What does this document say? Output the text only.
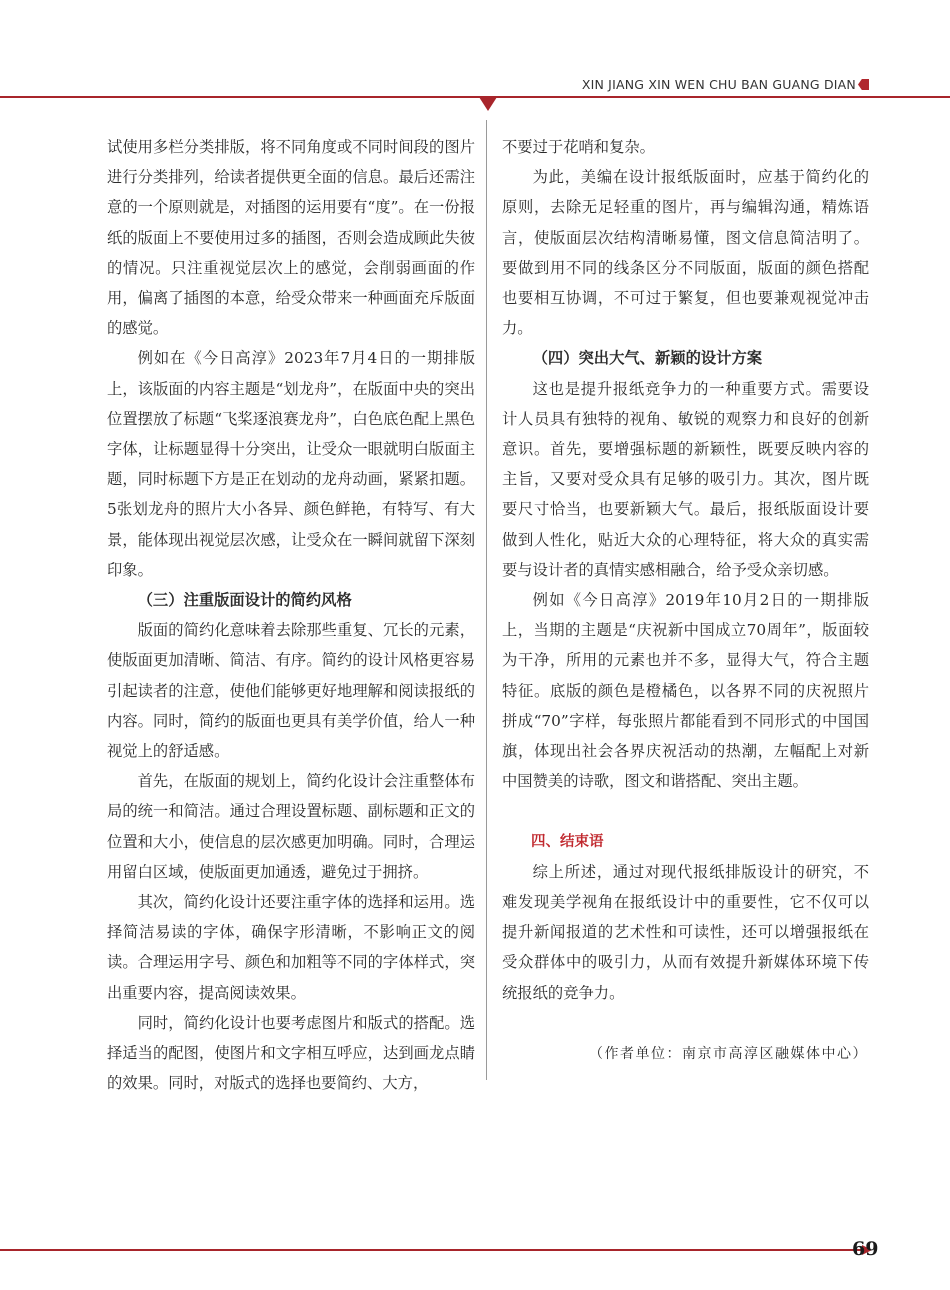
XIN JIANG XIN WEN CHU BAN GUANG DIAN

试使用多栏分类排版，将不同角度或不同时间段的图片进行分类排列，给读者提供更全面的信息。最后还需注意的一个原则就是，对插图的运用要有“度”。在一份报纸的版面上不要使用过多的插图，否则会造成顾此失彼的情况。只注重视觉层次上的感觉，会削弱画面的作用，偏离了插图的本意，给受众带来一种画面充斥版面的感觉。

例如在《今日高淳》2023年7月4日的一期排版上，该版面的内容主题是“划龙舟”，在版面中央的突出位置摆放了标题“飞桨逐浪赛龙舟”，白色底色配上黑色字体，让标题显得十分突出，让受众一眼就明白版面主题，同时标题下方是正在划动的龙舟动画，紧紧扣题。5张划龙舟的照片大小各异、颜色鲜艳，有特写、有大景，能体现出视觉层次感，让受众在一瞬间就留下深刻印象。

（三）注重版面设计的简约风格

版面的简约化意味着去除那些重复、冗长的元素，使版面更加清晰、简洁、有序。简约的设计风格更容易引起读者的注意，使他们能够更好地理解和阅读报纸的内容。同时，简约的版面也更具有美学价值，给人一种视觉上的舒适感。

首先，在版面的规划上，简约化设计会注重整体布局的统一和简洁。通过合理设置标题、副标题和正文的位置和大小，使信息的层次感更加明确。同时，合理运用留白区域，使版面更加通透，避免过于拥挤。

其次，简约化设计还要注重字体的选择和运用。选择简洁易读的字体，确保字形清晰，不影响正文的阅读。合理运用字号、颜色和加粗等不同的字体样式，突出重要内容，提高阅读效果。

同时，简约化设计也要考虑图片和版式的搭配。选择适当的配图，使图片和文字相互呼应，达到画龙点睛的效果。同时，对版式的选择也要简约、大方，

不要过于花哨和复杂。

为此，美编在设计报纸版面时，应基于简约化的原则，去除无足轻重的图片，再与编辑沟通，精炼语言，使版面层次结构清晰易懂，图文信息简洁明了。要做到用不同的线条区分不同版面，版面的颜色搭配也要相互协调，不可过于繁复，但也要兼观视觉冲击力。

（四）突出大气、新颖的设计方案

这也是提升报纸竞争力的一种重要方式。需要设计人员具有独特的视角、敏锐的观察力和良好的创新意识。首先，要增强标题的新颖性，既要反映内容的主旨，又要对受众具有足够的吸引力。其次，图片既要尺寸恰当，也要新颖大气。最后，报纸版面设计要做到人性化，贴近大众的心理特征，将大众的真实需要与设计者的真情实感相融合，给予受众亲切感。

例如《今日高淳》2019年10月2日的一期排版上，当期的主题是“庆祝新中国成立70周年”，版面较为干净，所用的元素也并不多，显得大气，符合主题特征。底版的颜色是橙橘色，以各界不同的庆祝照片拼成“70”字样，每张照片都能看到不同形式的中国国旗，体现出社会各界庆祝活动的热潮，左幅配上对新中国赞美的诗歌，图文和谐搭配、突出主题。

四、结束语

综上所述，通过对现代报纸排版设计的研究，不难发现美学视角在报纸设计中的重要性，它不仅可以提升新闻报道的艺术性和可读性，还可以增强报纸在受众群体中的吸引力，从而有效提升新媒体环境下传统报纸的竞争力。

（作者单位：南京市高淳区融媒体中心）
69
